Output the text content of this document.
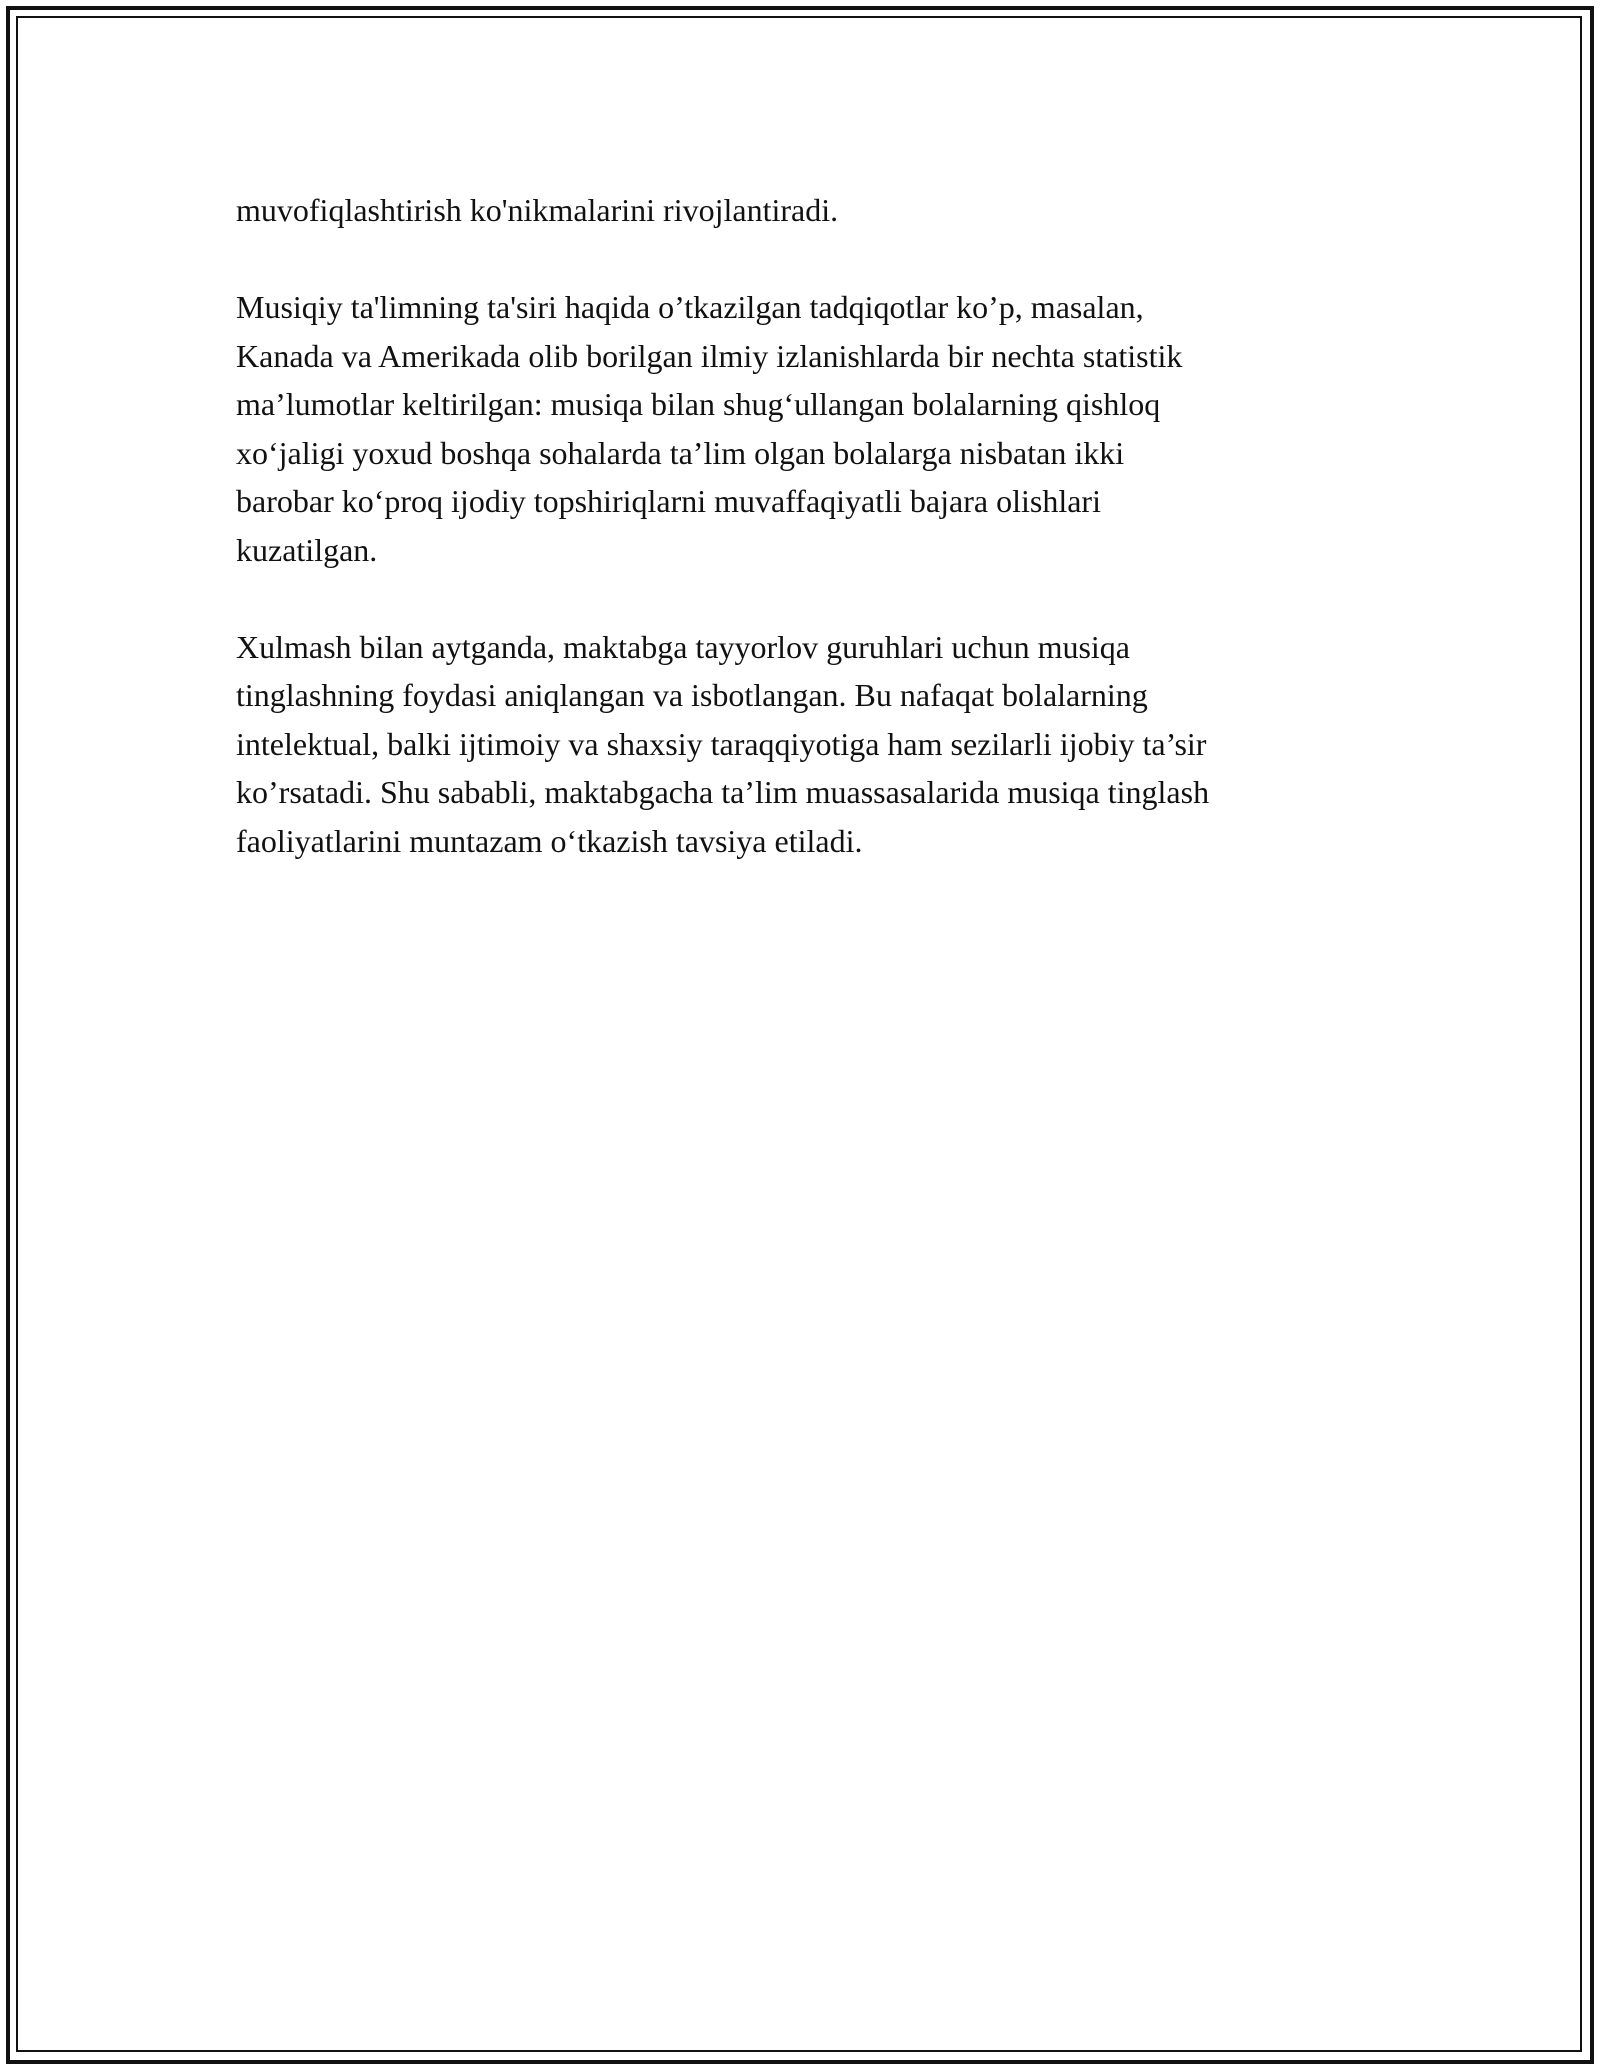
muvofiqlashtirish ko'nikmalarini rivojlantiradi.

Musiqiy ta'limning ta'siri haqida o’tkazilgan tadqiqotlar ko’p, masalan,
Kanada va Amerikada olib borilgan ilmiy izlanishlarda bir nechta statistik
ma’lumotlar keltirilgan: musiqa bilan shug‘ullangan bolalarning qishloq
xo‘jaligi yoxud boshqa sohalarda ta’lim olgan bolalarga nisbatan ikki
barobar ko‘proq ijodiy topshiriqlarni muvaffaqiyatli bajara olishlari
kuzatilgan.

Xulmash bilan aytganda, maktabga tayyorlov guruhlari uchun musiqa
tinglashning foydasi aniqlangan va isbotlangan. Bu nafaqat bolalarning
intelektual, balki ijtimoiy va shaxsiy taraqqiyotiga ham sezilarli ijobiy ta’sir
ko’rsatadi. Shu sababli, maktabgacha ta’lim muassasalarida musiqa tinglash
faoliyatlarini muntazam o‘tkazish tavsiya etiladi.
